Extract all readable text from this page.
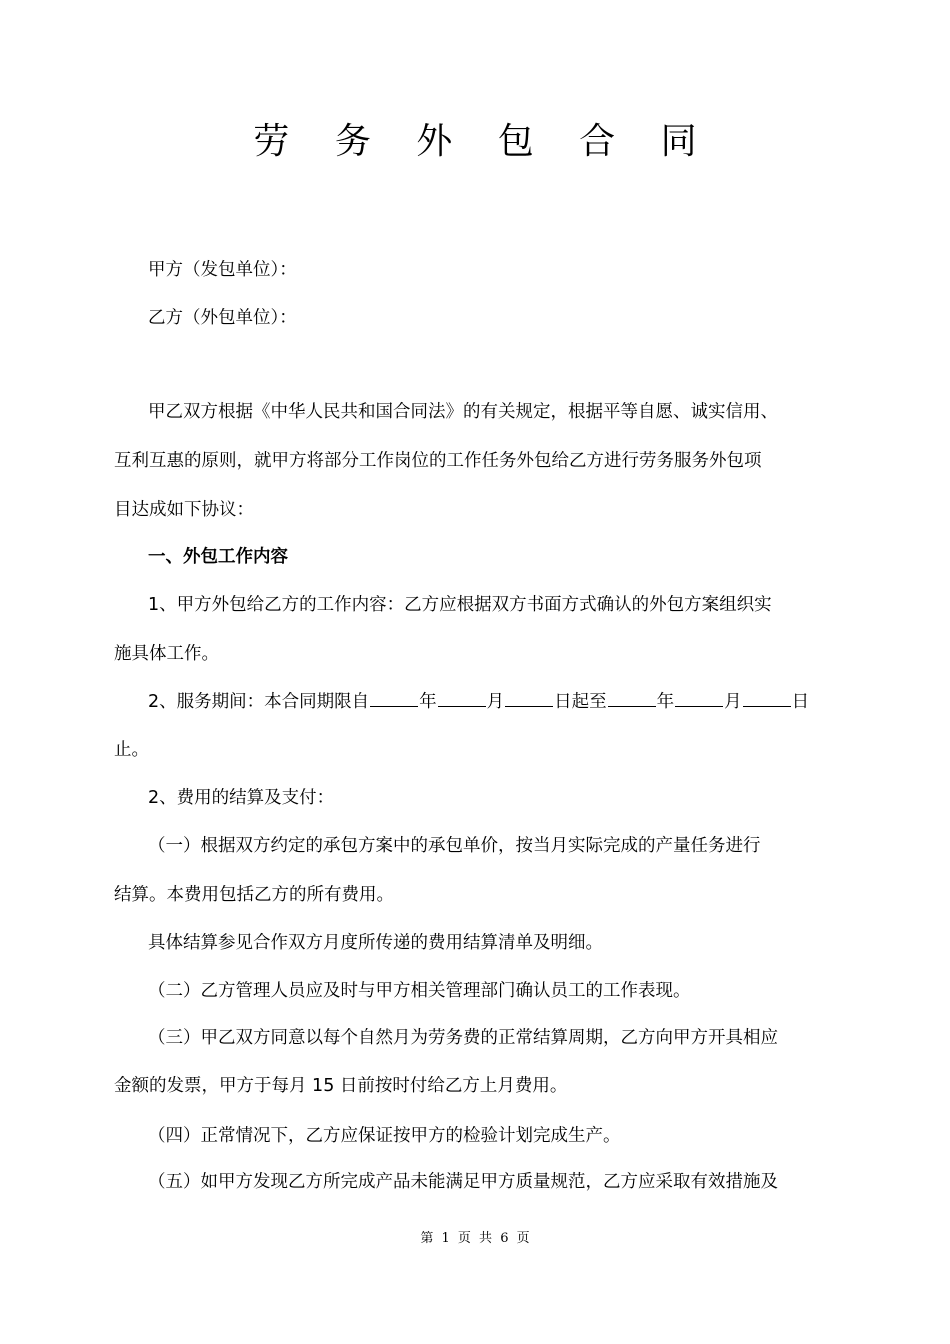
劳 务 外 包 合 同
甲方（发包单位）：
乙方（外包单位）：
甲乙双方根据《中华人民共和国合同法》的有关规定，根据平等自愿、诚实信用、
互利互惠的原则，就甲方将部分工作岗位的工作任务外包给乙方进行劳务服务外包项
目达成如下协议：
一、外包工作内容
1、甲方外包给乙方的工作内容：乙方应根据双方书面方式确认的外包方案组织实
施具体工作。
2、服务期间：本合同期限自	年	月	日起至	年	月	日
止。
2、费用的结算及支付：
（一）根据双方约定的承包方案中的承包单价，按当月实际完成的产量任务进行
结算。本费用包括乙方的所有费用。
具体结算参见合作双方月度所传递的费用结算清单及明细。
（二）乙方管理人员应及时与甲方相关管理部门确认员工的工作表现。
（三）甲乙双方同意以每个自然月为劳务费的正常结算周期，乙方向甲方开具相应
金额的发票，甲方于每月 15 日前按时付给乙方上月费用。
（四）正常情况下，乙方应保证按甲方的检验计划完成生产。
（五）如甲方发现乙方所完成产品未能满足甲方质量规范，乙方应采取有效措施及
第 1 页 共 6 页
